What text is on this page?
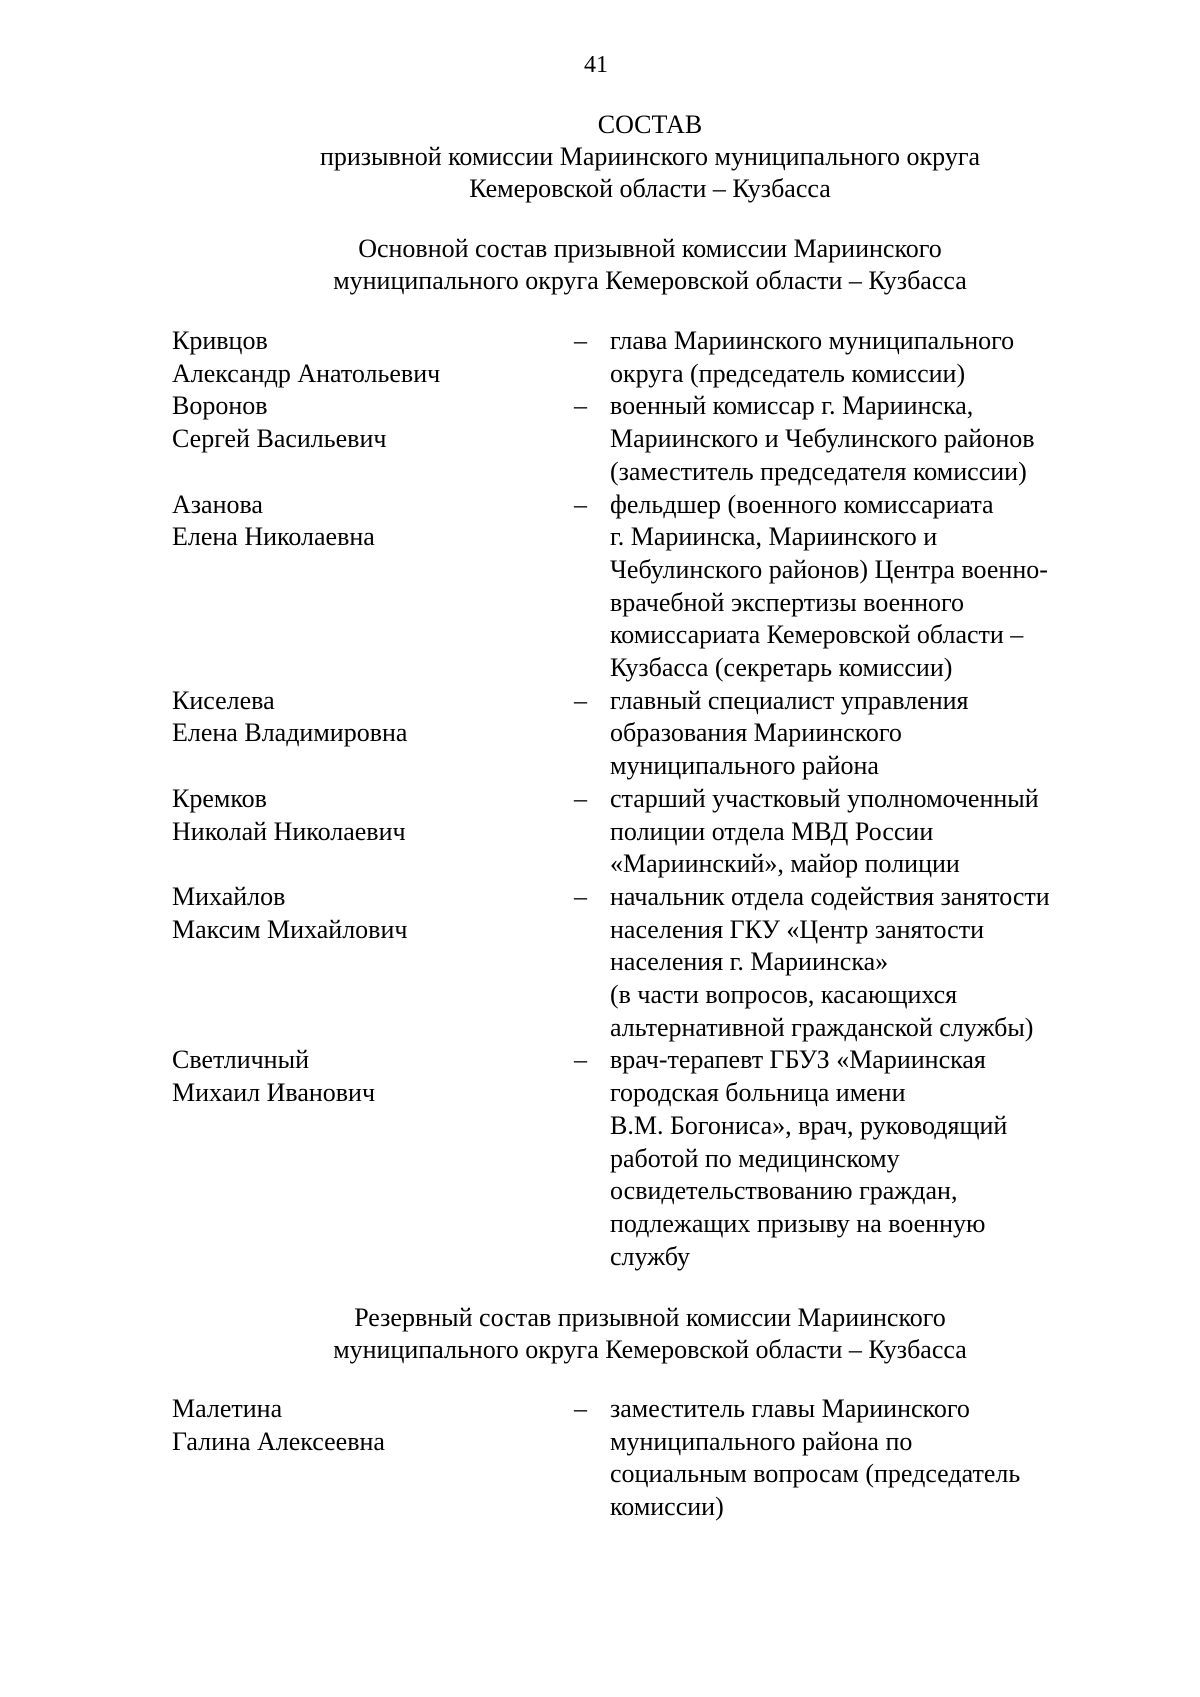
41
СОСТАВ
призывной комиссии Мариинского муниципального округа
Кемеровской области – Кузбасса
Основной состав призывной комиссии Мариинского
муниципального округа Кемеровской области – Кузбасса
Кривцов
Александр Анатольевич
– глава Мариинского муниципального
округа (председатель комиссии)
Воронов
Сергей Васильевич
– военный комиссар г. Мариинска,
Мариинского и Чебулинского районов
(заместитель председателя комиссии)
Азанова
Елена Николаевна
– фельдшер (военного комиссариата
г. Мариинска, Мариинского и
Чебулинского районов) Центра военно-
врачебной экспертизы военного
комиссариата Кемеровской области –
Кузбасса (секретарь комиссии)
Киселева
Елена Владимировна
– главный специалист управления
образования Мариинского
муниципального района
Кремков
Николай Николаевич
– старший участковый уполномоченный
полиции отдела МВД России
«Мариинский», майор полиции
Михайлов
Максим Михайлович
– начальник отдела содействия занятости
населения ГКУ «Центр занятости
населения г. Мариинска»
(в части вопросов, касающихся
альтернативной гражданской службы)
Светличный
Михаил Иванович
– врач-терапевт ГБУЗ «Мариинская
городская больница имени
В.М. Богониса», врач, руководящий
работой по медицинскому
освидетельствованию граждан,
подлежащих призыву на военную
службу
Резервный состав призывной комиссии Мариинского
муниципального округа Кемеровской области – Кузбасса
Малетина
Галина Алексеевна
– заместитель главы Мариинского
муниципального района по
социальным вопросам (председатель
комиссии)
